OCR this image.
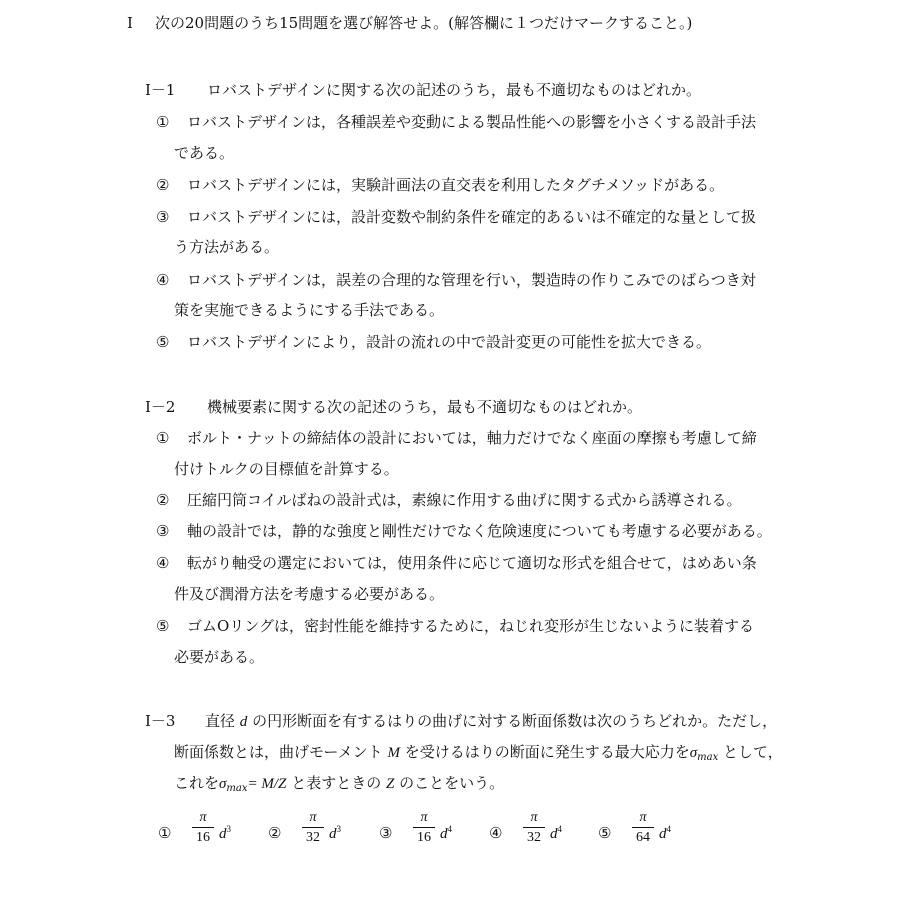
Ⅰ 次の20問題のうち15問題を選び解答せよ。(解答欄に１つだけマークすること。)
Ⅰ－1 ロバストデザインに関する次の記述のうち，最も不適切なものはどれか。
① ロバストデザインは，各種誤差や変動による製品性能への影響を小さくする設計手法
である。
② ロバストデザインには，実験計画法の直交表を利用したタグチメソッドがある。
③ ロバストデザインには，設計変数や制約条件を確定的あるいは不確定的な量として扱
う方法がある。
④ ロバストデザインは，誤差の合理的な管理を行い，製造時の作りこみでのばらつき対
策を実施できるようにする手法である。
⑤ ロバストデザインにより，設計の流れの中で設計変更の可能性を拡大できる。
Ⅰ－2 機械要素に関する次の記述のうち，最も不適切なものはどれか。
① ボルト・ナットの締結体の設計においては，軸力だけでなく座面の摩擦も考慮して締
付けトルクの目標値を計算する。
② 圧縮円筒コイルばねの設計式は，素線に作用する曲げに関する式から誘導される。
③ 軸の設計では，静的な強度と剛性だけでなく危険速度についても考慮する必要がある。
④ 転がり軸受の選定においては，使用条件に応じて適切な形式を組合せて，はめあい条
件及び潤滑方法を考慮する必要がある。
⑤ ゴムOリングは，密封性能を維持するために，ねじれ変形が生じないように装着する
必要がある。
Ⅰ－3 直径 d の円形断面を有するはりの曲げに対する断面係数は次のうちどれか。ただし，
断面係数とは，曲げモーメント M を受けるはりの断面に発生する最大応力を$\sigma_{max}$ として，
これを$\sigma_{max}= M/Z$ と表すときの Z のことをいう。
①
π
16 $d^3$ ②
π
32 $d^3$	③
π
16 $d^4$ ④
π
32 $d^4$ ⑤
π
64 $d^4$
